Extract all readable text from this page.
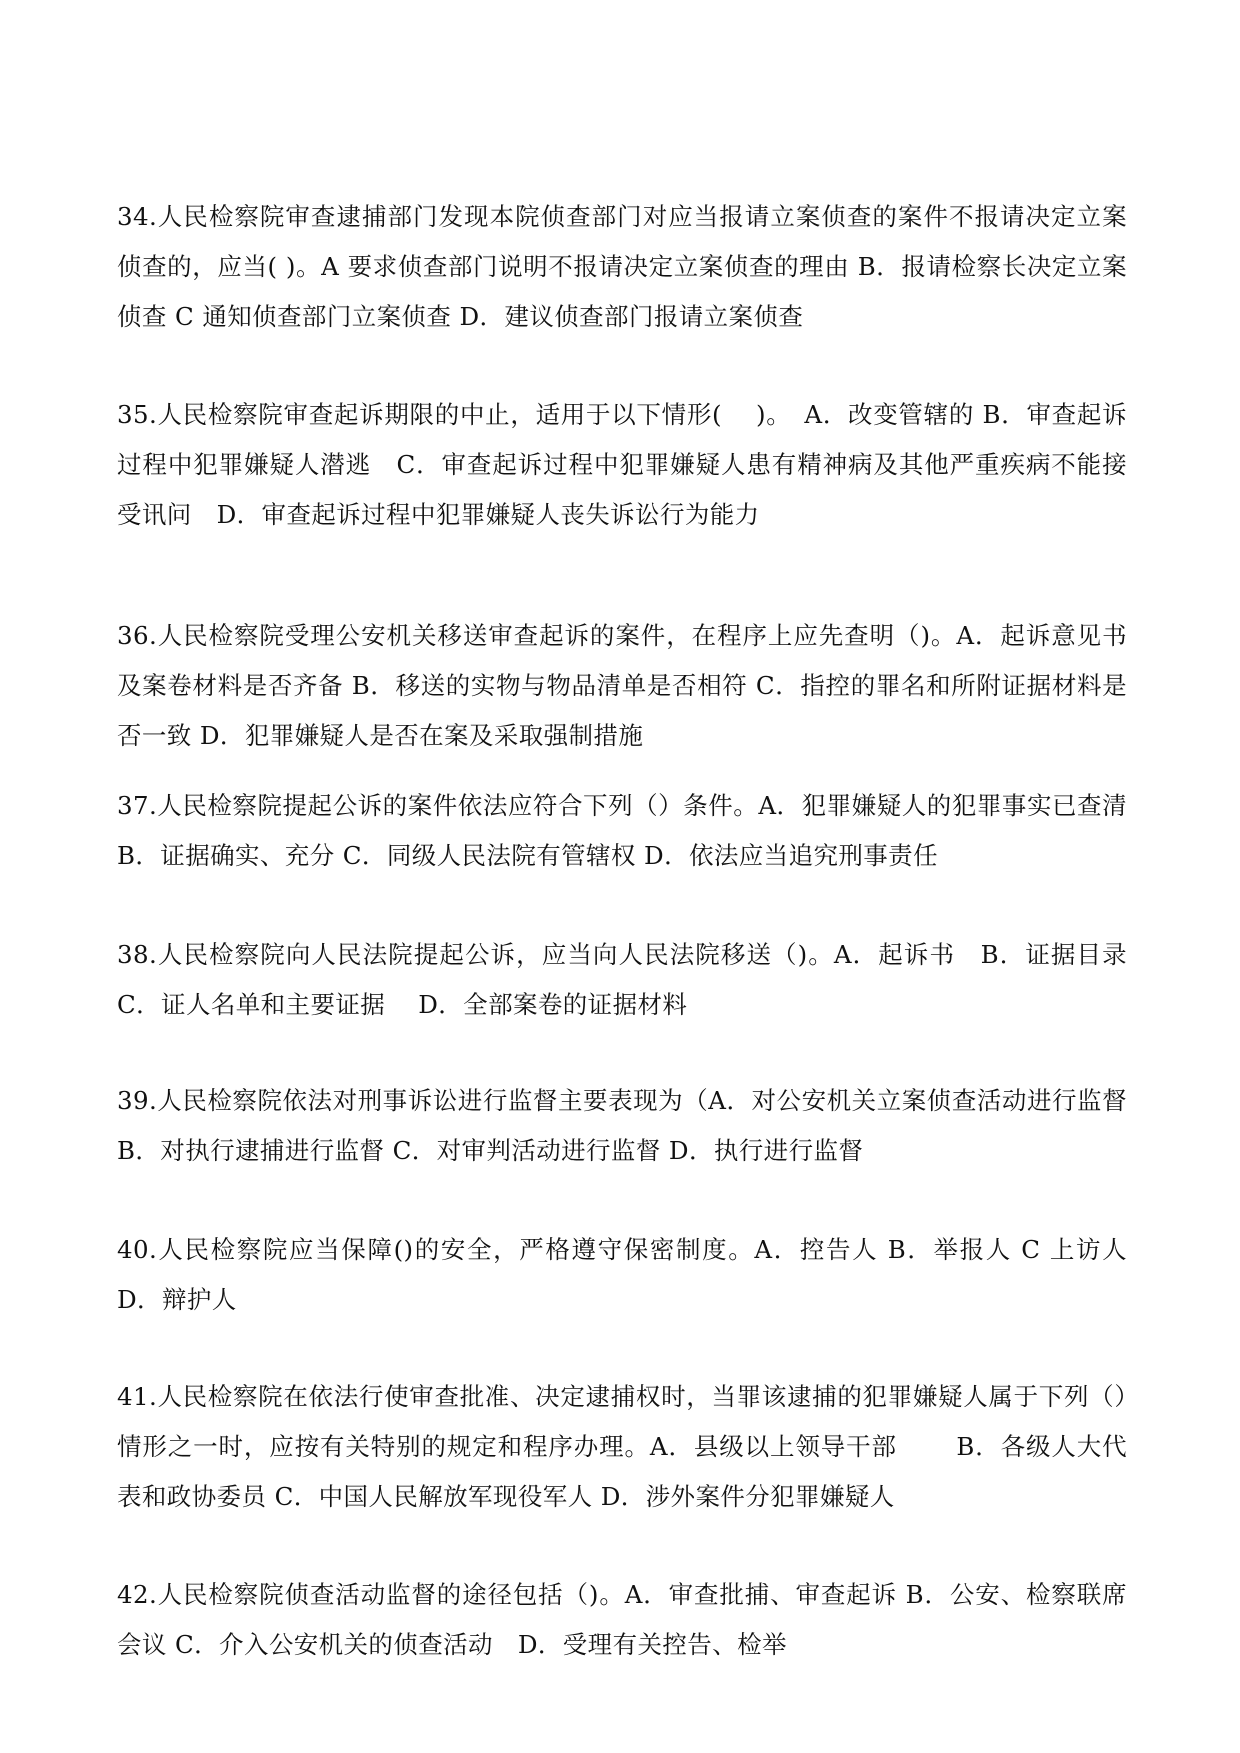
34.人民检察院审查逮捕部门发现本院侦查部门对应当报请立案侦查的案件不报请决定立案侦查的，应当( )。A 要求侦查部门说明不报请决定立案侦查的理由 B．报请检察长决定立案侦查 C 通知侦查部门立案侦查 D．建议侦查部门报请立案侦查

35.人民检察院审查起诉期限的中止，适用于以下情形(　 )。　A．改变管辖的 B．审查起诉过程中犯罪嫌疑人潜逃　C．审查起诉过程中犯罪嫌疑人患有精神病及其他严重疾病不能接受讯问　D．审查起诉过程中犯罪嫌疑人丧失诉讼行为能力

36.人民检察院受理公安机关移送审查起诉的案件，在程序上应先查明（)。A．起诉意见书及案卷材料是否齐备 B．移送的实物与物品清单是否相符 C．指控的罪名和所附证据材料是否一致 D．犯罪嫌疑人是否在案及采取强制措施

37.人民检察院提起公诉的案件依法应符合下列（）条件。A．犯罪嫌疑人的犯罪事实已查清 B．证据确实、充分 C．同级人民法院有管辖权 D．依法应当追究刑事责任

38.人民检察院向人民法院提起公诉，应当向人民法院移送（)。A．起诉书　B．证据目录 C．证人名单和主要证据　 D．全部案卷的证据材料

39.人民检察院依法对刑事诉讼进行监督主要表现为（A．对公安机关立案侦查活动进行监督 B．对执行逮捕进行监督 C．对审判活动进行监督 D．执行进行监督

40.人民检察院应当保障()的安全，严格遵守保密制度。A．控告人 B．举报人 C 上访人 D．辩护人

41.人民检察院在依法行使审查批准、决定逮捕权时，当罪该逮捕的犯罪嫌疑人属于下列（）情形之一时，应按有关特别的规定和程序办理。A．县级以上领导干部　　 B．各级人大代表和政协委员 C．中国人民解放军现役军人 D．涉外案件分犯罪嫌疑人

42.人民检察院侦查活动监督的途径包括（)。A．审查批捕、审查起诉 B．公安、检察联席会议 C．介入公安机关的侦查活动　D．受理有关控告、检举
